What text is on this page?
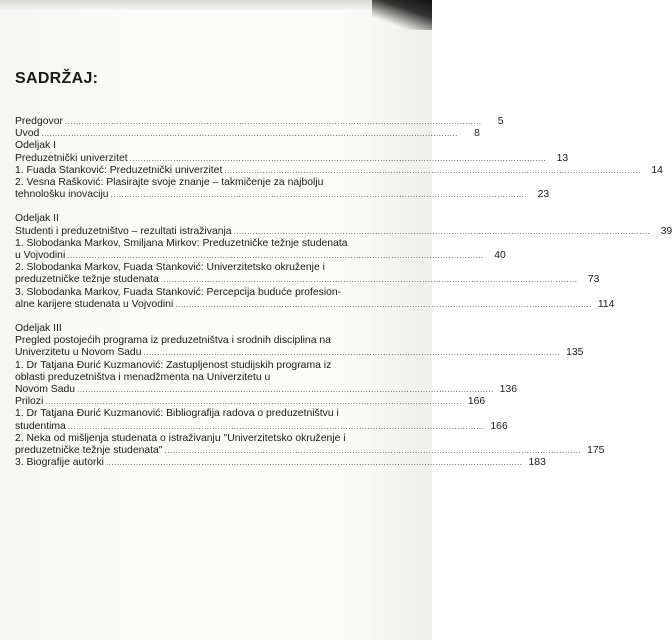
SADRŽAJ:
Predgovor .........................................................................................................................................................	5
Uvod .........................................................................................................................................................	8
Odeljak I
Preduzetnički univerzitet .........................................................................................................................................................	13
1. Fuada Stanković: Preduzetnički univerzitet .........................................................................................................................................................	14
2. Vesna Rašković: Plasirajte svoje znanje – takmičenje za najbolju
tehnološku inovaciju .........................................................................................................................................................	23
Odeljak II
Studenti i preduzetništvo – rezultati istraživanja .........................................................................................................................................................	39
1. Slobodanka Markov, Smiljana Mirkov: Preduzetničke težnje studenata
u Vojvodini .........................................................................................................................................................	40
2. Slobodanka Markov, Fuada Stanković: Univerzitetsko okruženje i
preduzetničke težnje studenata .........................................................................................................................................................	73
3. Slobodanka Markov, Fuada Stanković: Percepcija buduće profesion-
alne karijere studenata u Vojvodini ......................................................................................................................................................... 114
Odeljak III
Pregled postojećih programa iz preduzetništva i srodnih disciplina na
Univerzitetu u Novom Sadu ......................................................................................................................................................... 135
1. Dr Tatjana Đurić Kuzmanović: Zastupljenost studijskih programa iz
oblasti preduzetništva i menadžmenta na Univerzitetu u
Novom Sadu ......................................................................................................................................................... 136
Prilozi ......................................................................................................................................................... 166
1. Dr Tatjana Đurić Kuzmanović: Bibliografija radova o preduzetništvu i
studentima ......................................................................................................................................................... 166
2. Neka od mišljenja studenata o istraživanju "Univerzitetsko okruženje i
preduzetničke težnje studenata" ......................................................................................................................................................... 175
3. Biografije autorki ......................................................................................................................................................... 183
